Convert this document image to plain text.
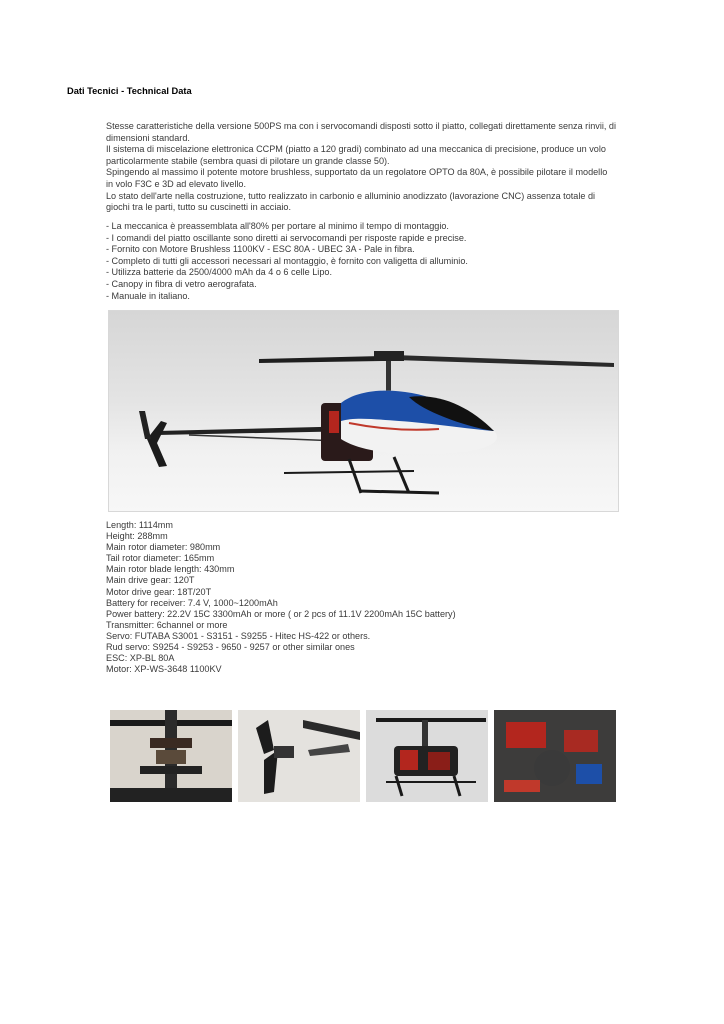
Dati Tecnici - Technical Data

Stesse caratteristiche della versione 500PS ma con i servocomandi disposti sotto il piatto, collegati direttamente senza rinvii, di dimensioni standard.

Il sistema di miscelazione elettronica CCPM (piatto a 120 gradi) combinato ad una meccanica di precisione, produce un volo particolarmente stabile (sembra quasi di pilotare un grande classe 50).

Spingendo al massimo il potente motore brushless, supportato da un regolatore OPTO da 80A, è possibile pilotare il modello in volo F3C e 3D ad elevato livello.

Lo stato dell'arte nella costruzione, tutto realizzato in carbonio e alluminio anodizzato (lavorazione CNC) assenza totale di giochi tra le parti, tutto su cuscinetti in acciaio.

- La meccanica è preassemblata all'80% per portare al minimo il tempo di montaggio.
- I comandi del piatto oscillante sono diretti ai servocomandi per risposte rapide e precise.
- Fornito con Motore Brushless 1100KV - ESC 80A - UBEC 3A - Pale in fibra.
- Completo di tutti gli accessori necessari al montaggio, è fornito con valigetta di alluminio.
- Utilizza batterie da 2500/4000 mAh da 4 o 6 celle Lipo.
- Canopy in fibra di vetro aerografata.
- Manuale in italiano.
Length: 1114mm
Height: 288mm
Main rotor diameter: 980mm
Tail rotor diameter: 165mm
Main rotor blade length: 430mm
Main drive gear: 120T
Motor drive gear: 18T/20T
Battery for receiver: 7.4 V, 1000~1200mAh
Power battery: 22.2V 15C 3300mAh or more ( or 2 pcs of 11.1V 2200mAh 15C battery)
Transmitter: 6channel or more
Servo: FUTABA S3001 - S3151 - S9255 - Hitec HS-422 or others.
Rud servo: S9254 - S9253 - 9650 - 9257 or other similar ones
ESC: XP-BL 80A
Motor: XP-WS-3648 1100KV
